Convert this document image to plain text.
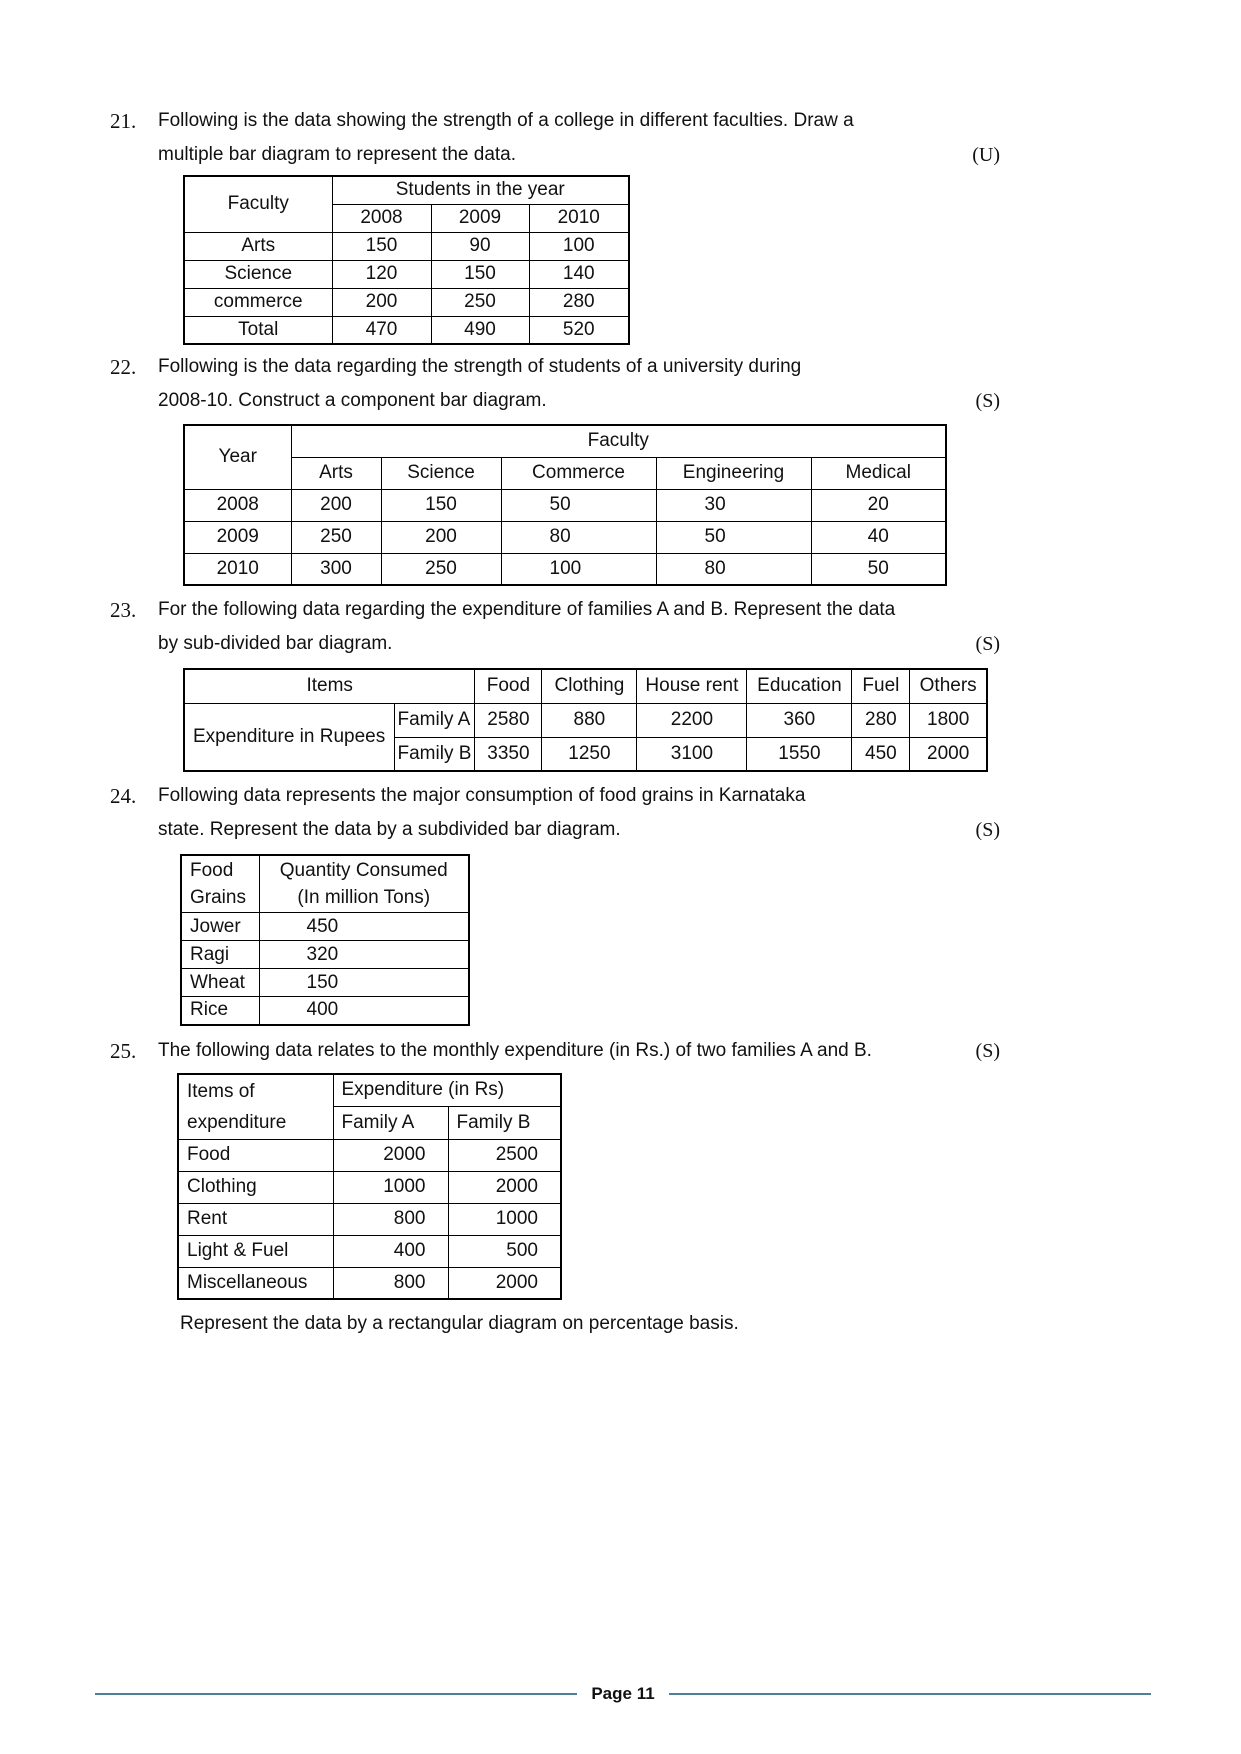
21.	Following is the data showing the strength of a college in different faculties. Draw a
multiple bar diagram to represent the data.	(U)
Faculty	Students in the year		
	2008	2009	2010
Arts	150	90	100
Science	120	150	140
commerce	200	250	280
Total	470	490	520
22.	Following is the data regarding the strength of students of a university during
2008-10. Construct a component bar diagram.	(S)
Year	Faculty				
	Arts	Science	Commerce	Engineering	Medical
2008	200	150	50	30	20
2009	250	200	80	50	40
2010	300	250	100	80	50
23.	For the following data regarding the expenditure of families A and B. Represent the data
by sub-divided bar diagram.	(S)
Items		Food	Clothing	House rent	Education	Fuel	Others
Expenditure in Rupees	Family A	2580	880	2200	360	280	1800
	Family B	3350	1250	3100	1550	450	2000
24.	Following data represents the major consumption of food grains in Karnataka
state. Represent the data by a subdivided bar diagram.	(S)
Food
Grains	Quantity Consumed
(In million Tons)

Jower	450
Ragi	320
Wheat	150
Rice	400
25.	The following data relates to the monthly expenditure (in Rs.) of two families A and B.	(S)
Items of
expenditure	Expenditure (in Rs)	
	Family A	Family B
Food	2000	2500
Clothing	1000	2000
Rent	800	1000
Light & Fuel	400	500
Miscellaneous	800	2000
Represent the data by a rectangular diagram on percentage basis.
Page 11
